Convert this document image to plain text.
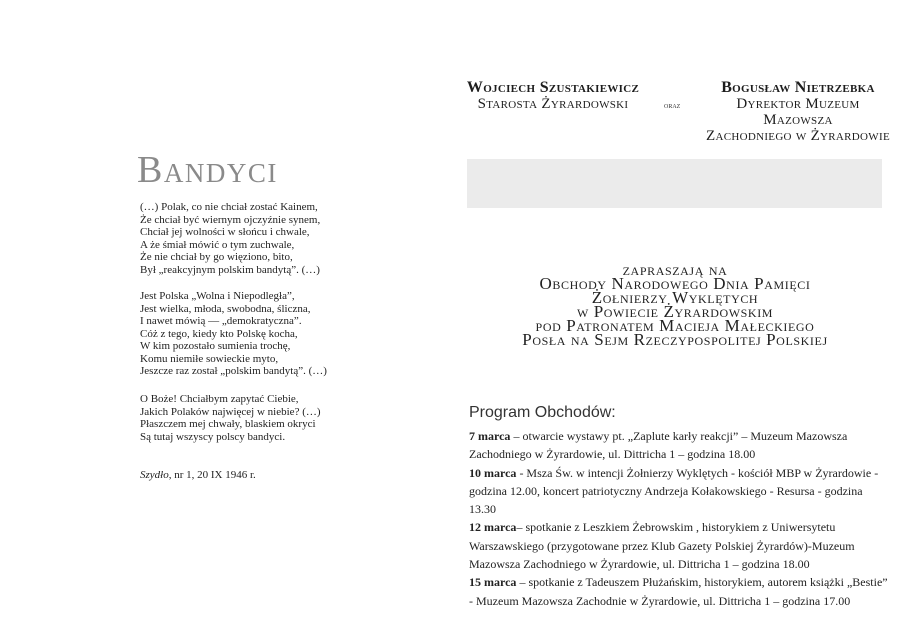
Wojciech Szustakiewicz
Starosta Żyrardowski	oraz
Bogusław Nietrzebka
Dyrektor Muzeum Mazowsza
Zachodniego w Żyrardowie
Bandyci
(…) Polak, co nie chciał zostać Kainem,
Że chciał być wiernym ojczyźnie synem,
Chciał jej wolności w słońcu i chwale,
A że śmiał mówić o tym zuchwale,
Że nie chciał by go więziono, bito,
Był „reakcyjnym polskim bandytą”. (…)
Jest Polska „Wolna i Niepodległa”,
Jest wielka, młoda, swobodna, śliczna,
I nawet mówią — „demokratyczna”.
Cóż z tego, kiedy kto Polskę kocha,
W kim pozostało sumienia trochę,
Komu niemiłe sowieckie myto,
Jeszcze raz został „polskim bandytą”. (…)
O Boże! Chciałbym zapytać Ciebie,
Jakich Polaków najwięcej w niebie? (…)
Płaszczem mej chwały, blaskiem okryci
Są tutaj wszyscy polscy bandyci.
Szydło, nr 1, 20 IX 1946 r.
zapraszają na
Obchody Narodowego Dnia Pamięci
Żołnierzy Wyklętych
w Powiecie Żyrardowskim
pod Patronatem Macieja Małeckiego
Posła na Sejm Rzeczypospolitej Polskiej
Program Obchodów:

7 marca – otwarcie wystawy pt. „Zaplute karły reakcji” – Muzeum Mazowsza Zachodniego w Żyrardowie, ul. Dittricha 1 – godzina 18.00

10 marca - Msza Św. w intencji Żołnierzy Wyklętych - kościół MBP w Żyrardowie - godzina 12.00, koncert patriotyczny Andrzeja Kołakowskiego - Resursa - godzina 13.30

12 marca– spotkanie z Leszkiem Żebrowskim , historykiem z Uniwersytetu Warszawskiego (przygotowane przez Klub Gazety Polskiej Żyrardów)-Muzeum Mazowsza Zachodniego w Żyrardowie, ul. Dittricha 1 – godzina 18.00

15 marca – spotkanie z Tadeuszem Płużańskim, historykiem, autorem książki „Bestie” - Muzeum Mazowsza Zachodnie w Żyrardowie, ul. Dittricha 1 – godzina 17.00
